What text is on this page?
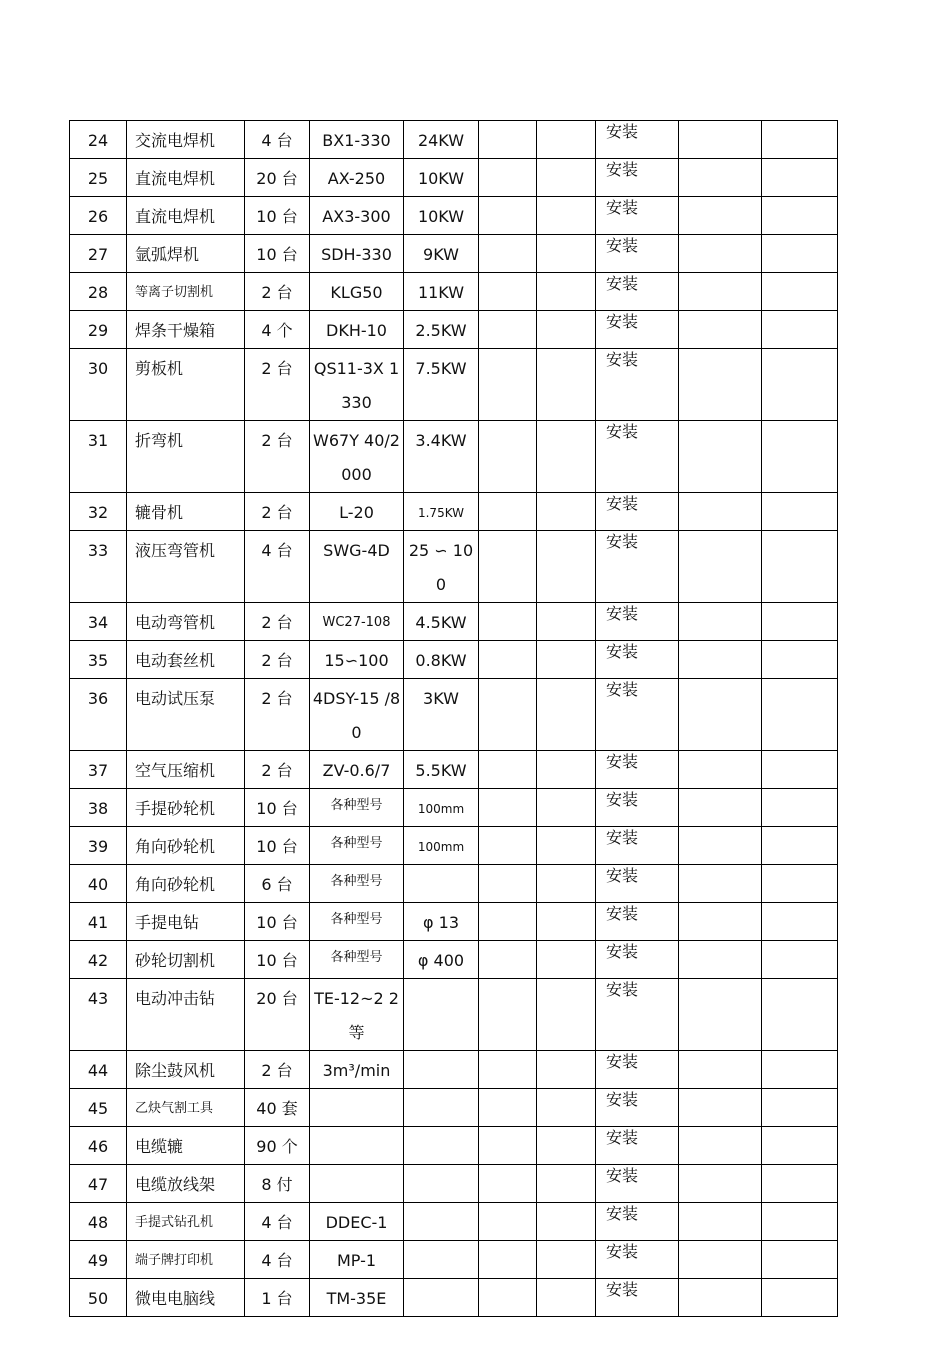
24	交流电焊机	4 台	BX1-330	24KW			安装		

25	直流电焊机	20 台	AX-250	10KW			安装		

26	直流电焊机	10 台	AX3-300	10KW			安装		

27	氩弧焊机	10 台	SDH-330	9KW			安装		

28	等离子切割机	2 台	KLG50	11KW			安装		

29	焊条干燥箱	4 个	DKH-10	2.5KW			安装		

30	剪板机	2 台	QS11-3X 1330	7.5KW			安装		

31	折弯机	2 台	W67Y 40/2000	3.4KW			安装		

32	辘骨机	2 台	L-20	1.75KW			安装		

33	液压弯管机	4 台	SWG-4D	25 ∽ 100			安装		

34	电动弯管机	2 台	WC27-108	4.5KW			安装		

35	电动套丝机	2 台	15∽100	0.8KW			安装		

36	电动试压泵	2 台	4DSY-15 /80	3KW			安装		

37	空气压缩机	2 台	ZV-0.6/7	5.5KW			安装		

38	手提砂轮机	10 台	各种型号	100mm			安装		

39	角向砂轮机	10 台	各种型号	100mm			安装		

40	角向砂轮机	6 台	各种型号				安装		

41	手提电钻	10 台	各种型号	φ 13			安装		

42	砂轮切割机	10 台	各种型号	φ 400			安装		

43	电动冲击钻	20 台	TE-12~2 2 等				安装		

44	除尘鼓风机	2 台	3m³/min				安装		

45	乙炔气割工具	40 套					安装		

46	电缆辘	90 个					安装		

47	电缆放线架	8 付					安装		

48	手提式钻孔机	4 台	DDEC-1				安装		

49	端子牌打印机	4 台	MP-1				安装		

50	微电电脑线	1 台	TM-35E				安装		
